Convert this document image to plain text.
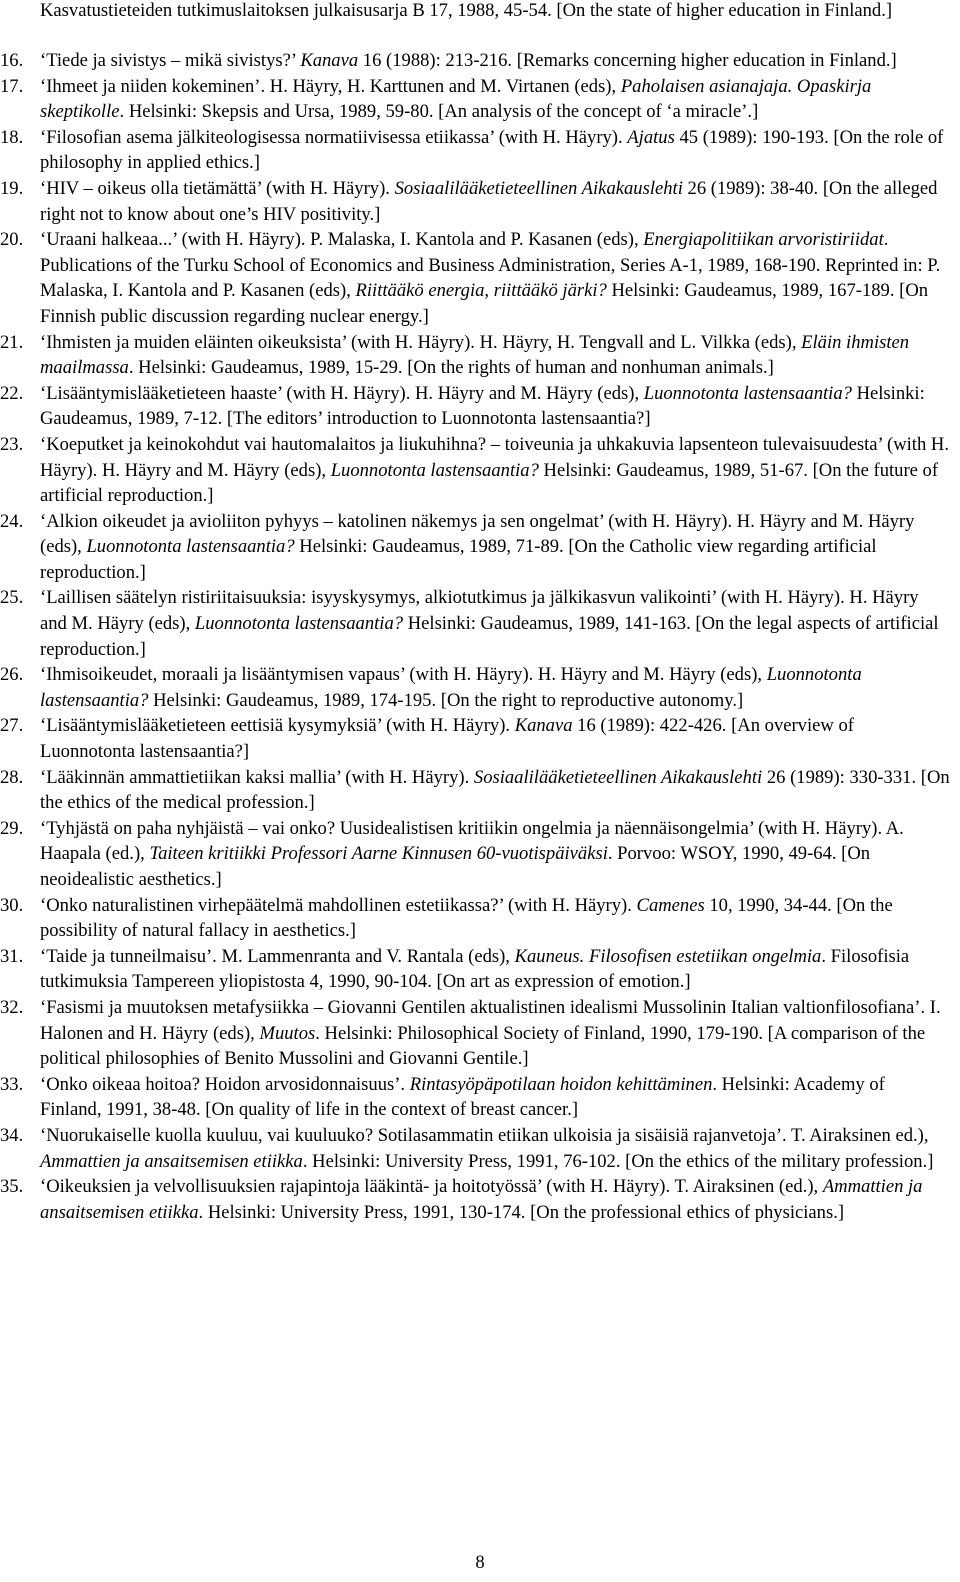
Kasvatustieteiden tutkimuslaitoksen julkaisusarja B 17, 1988, 45-54. [On the state of higher education in Finland.]
16. ‘Tiede ja sivistys – mikä sivistys?’ Kanava 16 (1988): 213-216. [Remarks concerning higher education in Finland.]
17. ‘Ihmeet ja niiden kokeminen’. H. Häyry, H. Karttunen and M. Virtanen (eds), Paholaisen asianajaja. Opaskirja skeptikolle. Helsinki: Skepsis and Ursa, 1989, 59-80. [An analysis of the concept of ‘a miracle’.]
18. ‘Filosofian asema jälkiteologisessa normatiivisessa etiikassa’ (with H. Häyry). Ajatus 45 (1989): 190-193. [On the role of philosophy in applied ethics.]
19. ‘HIV – oikeus olla tietämättä’ (with H. Häyry). Sosiaalilääketieteellinen Aikakauslehti 26 (1989): 38-40. [On the alleged right not to know about one’s HIV positivity.]
20. ‘Uraani halkeaa...’ (with H. Häyry). P. Malaska, I. Kantola and P. Kasanen (eds), Energiapolitiikan arvoristiriidat. Publications of the Turku School of Economics and Business Administration, Series A-1, 1989, 168-190. Reprinted in: P. Malaska, I. Kantola and P. Kasanen (eds), Riittääkö energia, riittääkö järki? Helsinki: Gaudeamus, 1989, 167-189. [On Finnish public discussion regarding nuclear energy.]
21. ‘Ihmisten ja muiden eläinten oikeuksista’ (with H. Häyry). H. Häyry, H. Tengvall and L. Vilkka (eds), Eläin ihmisten maailmassa. Helsinki: Gaudeamus, 1989, 15-29. [On the rights of human and nonhuman animals.]
22. ‘Lisääntymislääketieteen haaste’ (with H. Häyry). H. Häyry and M. Häyry (eds), Luonnotonta lastensaantia? Helsinki: Gaudeamus, 1989, 7-12. [The editors’ introduction to Luonnotonta lastensaantia?]
23. ‘Koeputket ja keinokohdut vai hautomalaitos ja liukuhihna? – toiveunia ja uhkakuvia lapsenteon tulevaisuudesta’ (with H. Häyry). H. Häyry and M. Häyry (eds), Luonnotonta lastensaantia? Helsinki: Gaudeamus, 1989, 51-67. [On the future of artificial reproduction.]
24. ‘Alkion oikeudet ja avioliiton pyhyys – katolinen näkemys ja sen ongelmat’ (with H. Häyry). H. Häyry and M. Häyry (eds), Luonnotonta lastensaantia? Helsinki: Gaudeamus, 1989, 71-89. [On the Catholic view regarding artificial reproduction.]
25. ‘Laillisen säätelyn ristiriitaisuuksia: isyyskysymys, alkiotutkimus ja jälkikasvun valikointi’ (with H. Häyry). H. Häyry and M. Häyry (eds), Luonnotonta lastensaantia? Helsinki: Gaudeamus, 1989, 141-163. [On the legal aspects of artificial reproduction.]
26. ‘Ihmisoikeudet, moraali ja lisääntymisen vapaus’ (with H. Häyry). H. Häyry and M. Häyry (eds), Luonnotonta lastensaantia? Helsinki: Gaudeamus, 1989, 174-195. [On the right to reproductive autonomy.]
27. ‘Lisääntymislääketieteen eettisiä kysymyksiä’ (with H. Häyry). Kanava 16 (1989): 422-426. [An overview of Luonnotonta lastensaantia?]
28. ‘Lääkinnän ammattietiikan kaksi mallia’ (with H. Häyry). Sosiaalilääketieteellinen Aikakauslehti 26 (1989): 330-331. [On the ethics of the medical profession.]
29. ‘Tyhjästä on paha nyhjäistä – vai onko? Uusidealistisen kritiikin ongelmia ja näennäisongelmia’ (with H. Häyry). A. Haapala (ed.), Taiteen kritiikki Professori Aarne Kinnusen 60-vuotispäiväksi. Porvoo: WSOY, 1990, 49-64. [On neoidealistic aesthetics.]
30. ‘Onko naturalistinen virhepäätelmä mahdollinen estetiikassa?’ (with H. Häyry). Camenes 10, 1990, 34-44. [On the possibility of natural fallacy in aesthetics.]
31. ‘Taide ja tunneilmaisu’. M. Lammenranta and V. Rantala (eds), Kauneus. Filosofisen estetiikan ongelmia. Filosofisia tutkimuksia Tampereen yliopistosta 4, 1990, 90-104. [On art as expression of emotion.]
32. ‘Fasismi ja muutoksen metafysiikka – Giovanni Gentilen aktualistinen idealismi Mussolinin Italian valtionfilosofiana’. I. Halonen and H. Häyry (eds), Muutos. Helsinki: Philosophical Society of Finland, 1990, 179-190. [A comparison of the political philosophies of Benito Mussolini and Giovanni Gentile.]
33. ‘Onko oikeaa hoitoa? Hoidon arvosidonnaisuus’. Rintasyöpäpotilaan hoidon kehittäminen. Helsinki: Academy of Finland, 1991, 38-48. [On quality of life in the context of breast cancer.]
34. ‘Nuorukaiselle kuolla kuuluu, vai kuuluuko? Sotilasammatin etiikan ulkoisia ja sisäisiä rajanvetoja’. T. Airaksinen ed.), Ammattien ja ansaitsemisen etiikka. Helsinki: University Press, 1991, 76-102. [On the ethics of the military profession.]
35. ‘Oikeuksien ja velvollisuuksien rajapintoja lääkintä- ja hoitotyössä’ (with H. Häyry). T. Airaksinen (ed.), Ammattien ja ansaitsemisen etiikka. Helsinki: University Press, 1991, 130-174. [On the professional ethics of physicians.]
8
